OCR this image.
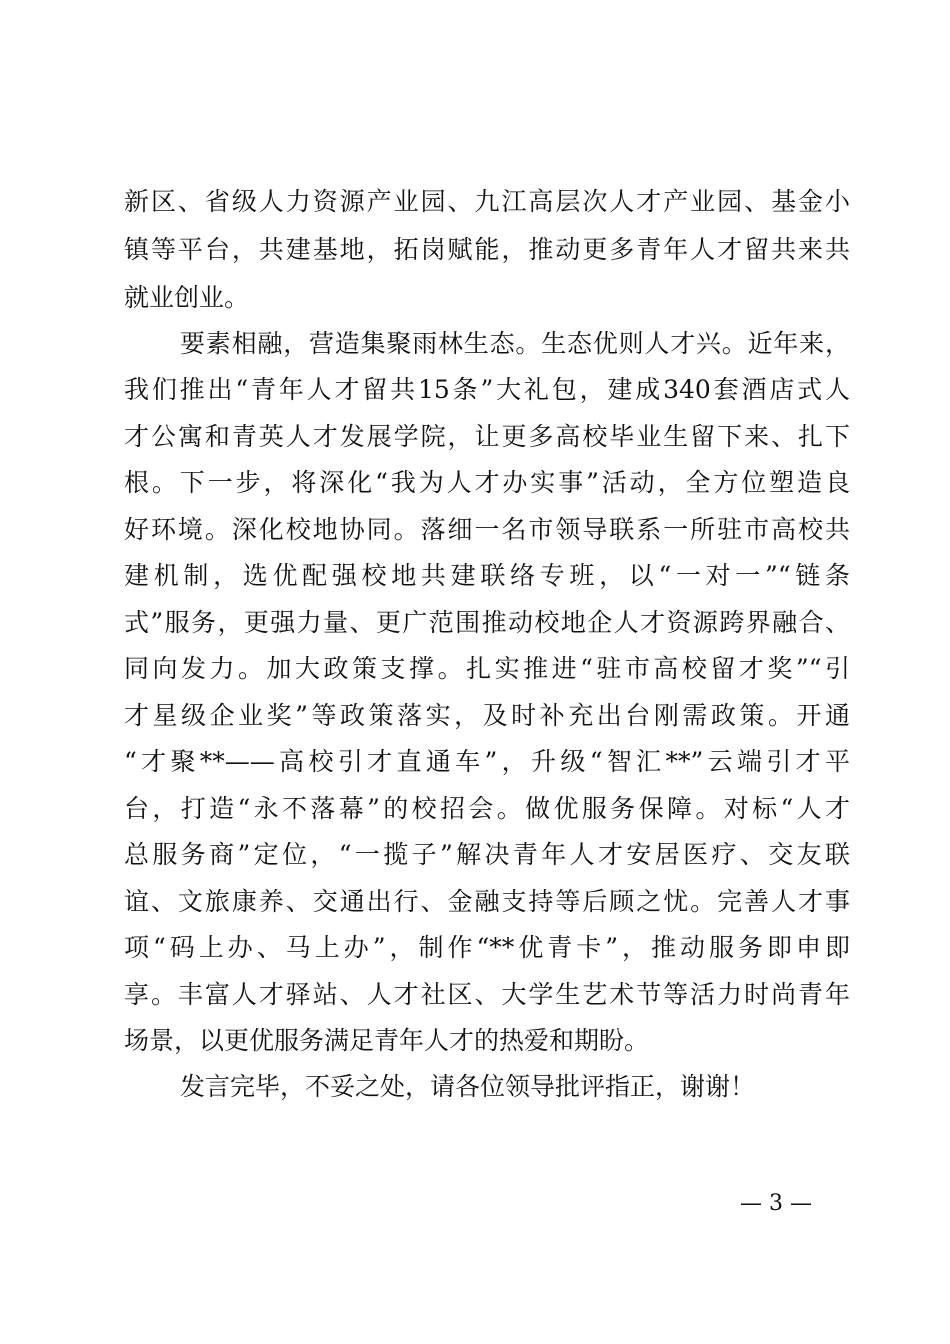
新区、省级人力资源产业园、九江高层次人才产业园、基金小
镇等平台，共建基地，拓岗赋能，推动更多青年人才留共来共
就业创业。
要素相融，营造集聚雨林生态。生态优则人才兴。近年来，
我们推出“青年人才留共15条”大礼包，建成340套酒店式人
才公寓和青英人才发展学院，让更多高校毕业生留下来、扎下
根。下一步，将深化“我为人才办实事”活动，全方位塑造良
好环境。深化校地协同。落细一名市领导联系一所驻市高校共
建机制，选优配强校地共建联络专班，以“一对一”“链条
式”服务，更强力量、更广范围推动校地企人才资源跨界融合、
同向发力。加大政策支撑。扎实推进“驻市高校留才奖”“引
才星级企业奖”等政策落实，及时补充出台刚需政策。开通
“才聚**——高校引才直通车”，升级“智汇**”云端引才平
台，打造“永不落幕”的校招会。做优服务保障。对标“人才
总服务商”定位，“一揽子”解决青年人才安居医疗、交友联
谊、文旅康养、交通出行、金融支持等后顾之忧。完善人才事
项“码上办、马上办”，制作“**优青卡”，推动服务即申即
享。丰富人才驿站、人才社区、大学生艺术节等活力时尚青年
场景，以更优服务满足青年人才的热爱和期盼。
发言完毕，不妥之处，请各位领导批评指正，谢谢！
— 3 —
